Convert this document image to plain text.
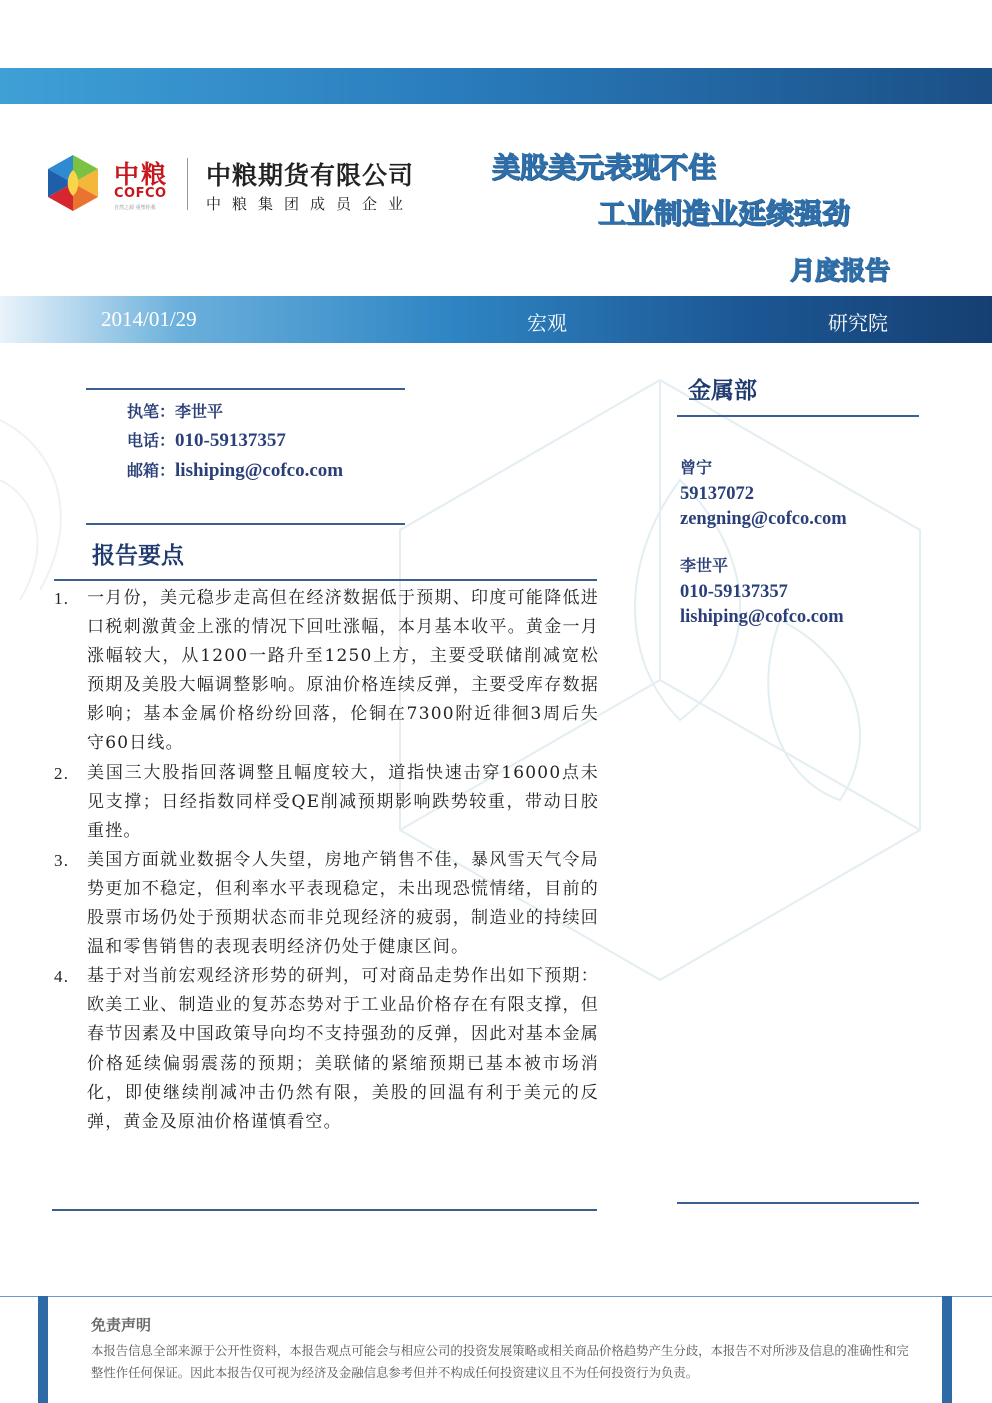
中粮
COFCO
自然之源 重塑你我
中粮期货有限公司
中粮集团成员企业
美股美元表现不佳
工业制造业延续强劲
月度报告
2014/01/29	宏观	研究院
执笔：李世平
电话：010-59137357
邮箱：lishiping@cofco.com
报告要点
1. 一月份，美元稳步走高但在经济数据低于预期、印度可能降低进口税刺激黄金上涨的情况下回吐涨幅，本月基本收平。黄金一月涨幅较大，从1200一路升至1250上方，主要受联储削减宽松预期及美股大幅调整影响。原油价格连续反弹，主要受库存数据影响；基本金属价格纷纷回落，伦铜在7300附近徘徊3周后失守60日线。
2. 美国三大股指回落调整且幅度较大，道指快速击穿16000点未见支撑；日经指数同样受QE削减预期影响跌势较重，带动日胶重挫。
3. 美国方面就业数据令人失望，房地产销售不佳，暴风雪天气令局势更加不稳定，但利率水平表现稳定，未出现恐慌情绪，目前的股票市场仍处于预期状态而非兑现经济的疲弱，制造业的持续回温和零售销售的表现表明经济仍处于健康区间。
4. 基于对当前宏观经济形势的研判，可对商品走势作出如下预期：欧美工业、制造业的复苏态势对于工业品价格存在有限支撑，但春节因素及中国政策导向均不支持强劲的反弹，因此对基本金属价格延续偏弱震荡的预期；美联储的紧缩预期已基本被市场消化，即使继续削减冲击仍然有限，美股的回温有利于美元的反弹，黄金及原油价格谨慎看空。
金属部
曾宁
59137072
zengning@cofco.com
李世平
010-59137357
lishiping@cofco.com
免责声明
本报告信息全部来源于公开性资料，本报告观点可能会与相应公司的投资发展策略或相关商品价格趋势产生分歧，本报告不对所涉及信息的准确性和完整性作任何保证。因此本报告仅可视为经济及金融信息参考但并不构成任何投资建议且不为任何投资行为负责。
